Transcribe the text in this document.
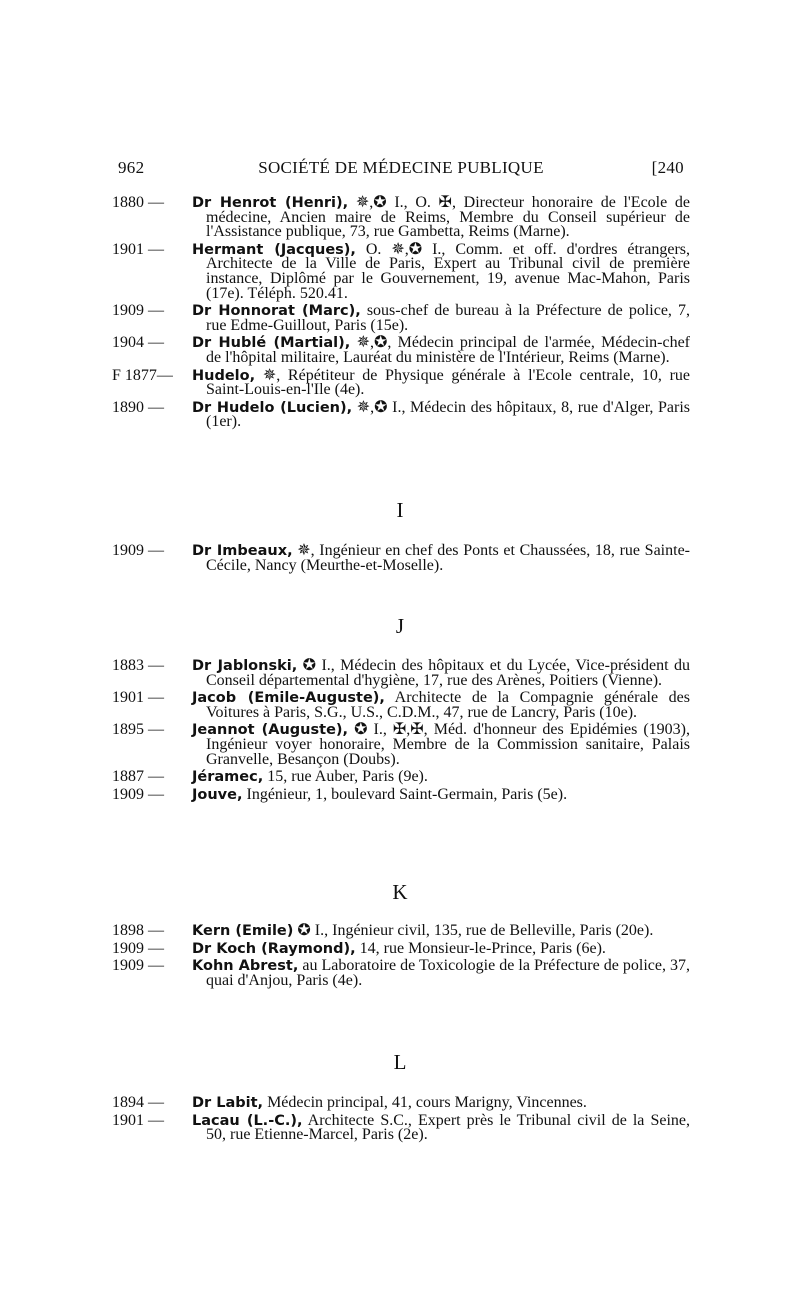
962	SOCIÉTÉ DE MÉDECINE PUBLIQUE	[240
1880 — Dr Henrot (Henri), ✵,✪ I., O. ✠, Directeur honoraire de l'Ecole de médecine, Ancien maire de Reims, Membre du Conseil supérieur de l'Assistance publique, 73, rue Gambetta, Reims (Marne).
1901 — Hermant (Jacques), O. ✵,✪ I., Comm. et off. d'ordres étrangers, Architecte de la Ville de Paris, Expert au Tribunal civil de première instance, Diplômé par le Gouvernement, 19, avenue Mac-Mahon, Paris (17e). Téléph. 520.41.
1909 — Dr Honnorat (Marc), sous-chef de bureau à la Préfecture de police, 7, rue Edme-Guillout, Paris (15e).
1904 — Dr Hublé (Martial), ✵,✪, Médecin principal de l'armée, Médecin-chef de l'hôpital militaire, Lauréat du ministère de l'Intérieur, Reims (Marne).
F 1877— Hudelo, ✵, Répétiteur de Physique générale à l'Ecole centrale, 10, rue Saint-Louis-en-l'Ile (4e).
1890 — Dr Hudelo (Lucien), ✵,✪ I., Médecin des hôpitaux, 8, rue d'Alger, Paris (1er).
I
1909 — Dr Imbeaux, ✵, Ingénieur en chef des Ponts et Chaussées, 18, rue Sainte-Cécile, Nancy (Meurthe-et-Moselle).
J
1883 — Dr Jablonski, ✪ I., Médecin des hôpitaux et du Lycée, Vice-président du Conseil départemental d'hygiène, 17, rue des Arènes, Poitiers (Vienne).
1901 — Jacob (Emile-Auguste), Architecte de la Compagnie générale des Voitures à Paris, S.G., U.S., C.D.M., 47, rue de Lancry, Paris (10e).
1895 — Jeannot (Auguste), ✪ I., ✠,✠, Méd. d'honneur des Epidémies (1903), Ingénieur voyer honoraire, Membre de la Commission sanitaire, Palais Granvelle, Besançon (Doubs).
1887 — Jéramec, 15, rue Auber, Paris (9e).
1909 — Jouve, Ingénieur, 1, boulevard Saint-Germain, Paris (5e).
K
1898 — Kern (Emile) ✪ I., Ingénieur civil, 135, rue de Belleville, Paris (20e).
1909 — Dr Koch (Raymond), 14, rue Monsieur-le-Prince, Paris (6e).
1909 — Kohn Abrest, au Laboratoire de Toxicologie de la Préfecture de police, 37, quai d'Anjou, Paris (4e).
L
1894 — Dr Labit, Médecin principal, 41, cours Marigny, Vincennes.
1901 — Lacau (L.-C.), Architecte S.C., Expert près le Tribunal civil de la Seine, 50, rue Etienne-Marcel, Paris (2e).
